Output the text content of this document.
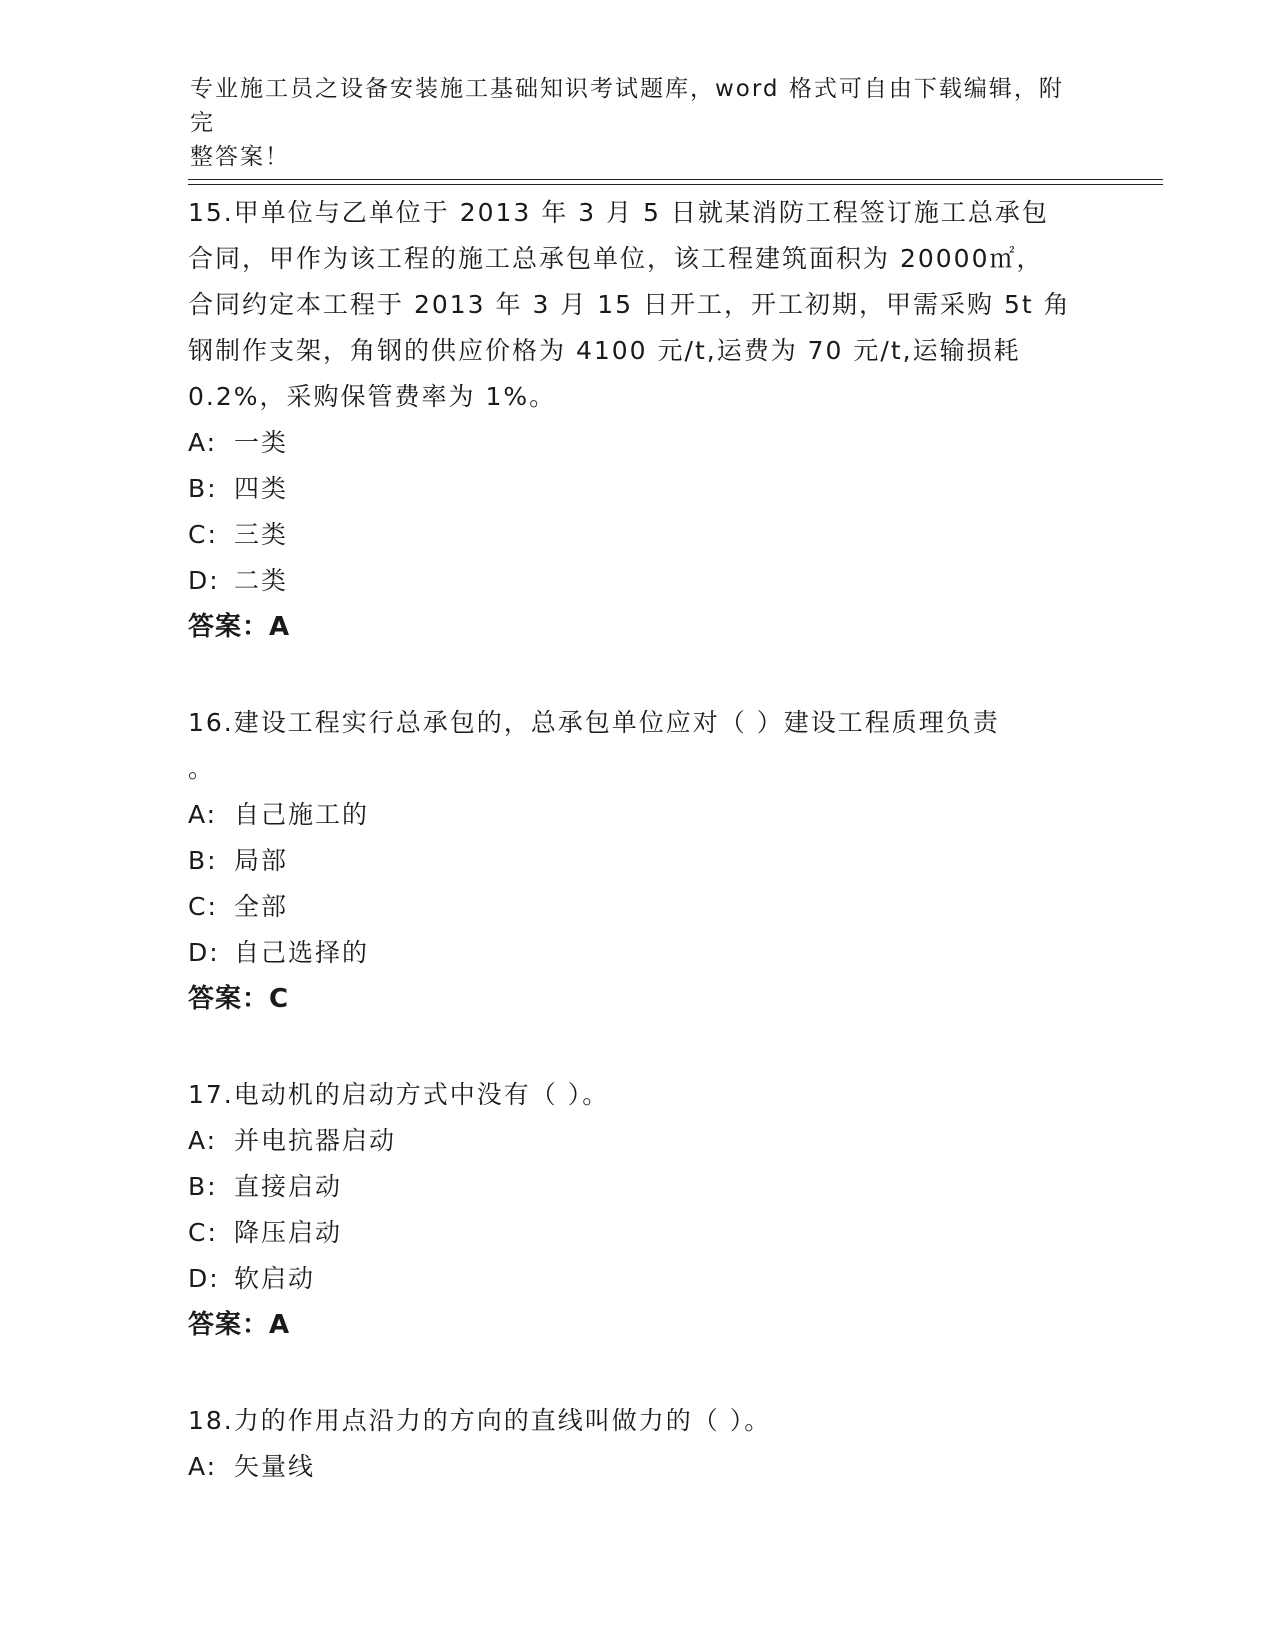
专业施工员之设备安装施工基础知识考试题库，word 格式可自由下载编辑，附完
整答案！

15.甲单位与乙单位于 2013 年 3 月 5 日就某消防工程签订施工总承包

合同，甲作为该工程的施工总承包单位，该工程建筑面积为 20000㎡，

合同约定本工程于 2013 年 3 月 15 日开工，开工初期，甲需采购 5t 角

钢制作支架，角钢的供应价格为 4100 元/t,运费为 70 元/t,运输损耗

0.2%，采购保管费率为 1%。

A: 一类
B: 四类
C: 三类
D: 二类

答案：A

16.建设工程实行总承包的，总承包单位应对（ ）建设工程质理负责

。

A: 自己施工的
B: 局部
C: 全部
D: 自己选择的

答案：C

17.电动机的启动方式中没有（ ）。

A: 并电抗器启动
B: 直接启动
C: 降压启动
D: 软启动

答案：A

18.力的作用点沿力的方向的直线叫做力的（ ）。

A: 矢量线
